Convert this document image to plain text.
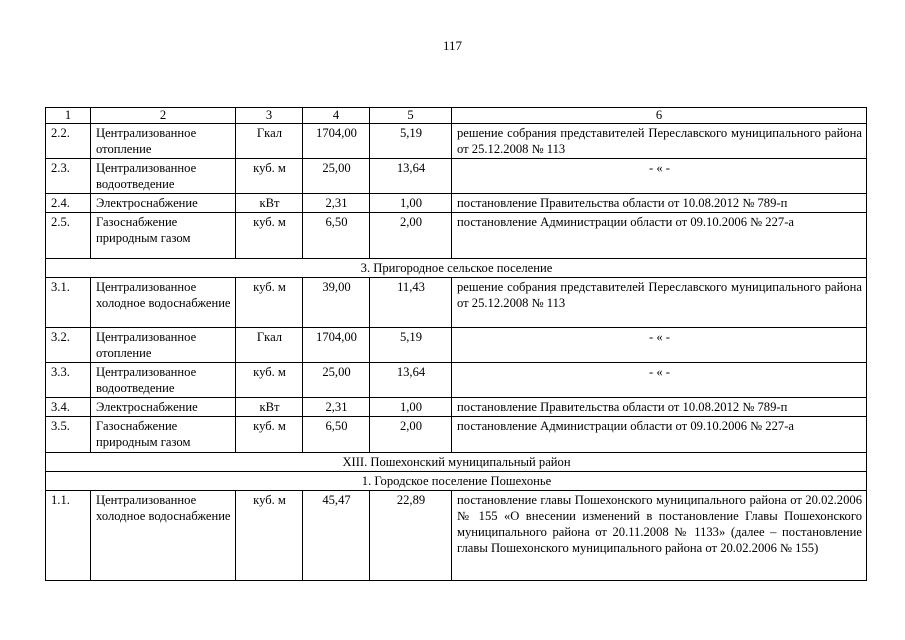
117
1	2	3	4	5	6
2.2.	Централизованное отопление	Гкал	1704,00	5,19	решение собрания представителей Переславского муниципального района от 25.12.2008 № 113
2.3.	Централизованное водоотведение	куб. м	25,00	13,64	- « -
2.4.	Электроснабжение	кВт	2,31	1,00	постановление Правительства области от 10.08.2012 № 789-п
2.5.	Газоснабжение природным газом	куб. м	6,50	2,00	постановление Администрации области от 09.10.2006 № 227-а
3. Пригородное сельское поселение					
3.1.	Централизованное холодное водоснабжение	куб. м	39,00	11,43	решение собрания представителей Переславского муниципального района от 25.12.2008 № 113
3.2.	Централизованное отопление	Гкал	1704,00	5,19	- « -
3.3.	Централизованное водоотведение	куб. м	25,00	13,64	- « -
3.4.	Электроснабжение	кВт	2,31	1,00	постановление Правительства области от 10.08.2012 № 789-п
3.5.	Газоснабжение природным газом	куб. м	6,50	2,00	постановление Администрации области от 09.10.2006 № 227-а
XIII. Пошехонский муниципальный район					
1. Городское поселение Пошехонье					
1.1.	Централизованное холодное водоснабжение	куб. м	45,47	22,89	постановление главы Пошехонского муниципального района от 20.02.2006 № 155 «О внесении изменений в постановление Главы Пошехонского муниципального района от 20.11.2008 № 1133» (далее – постановление главы Пошехонского муниципального района от 20.02.2006 № 155)
